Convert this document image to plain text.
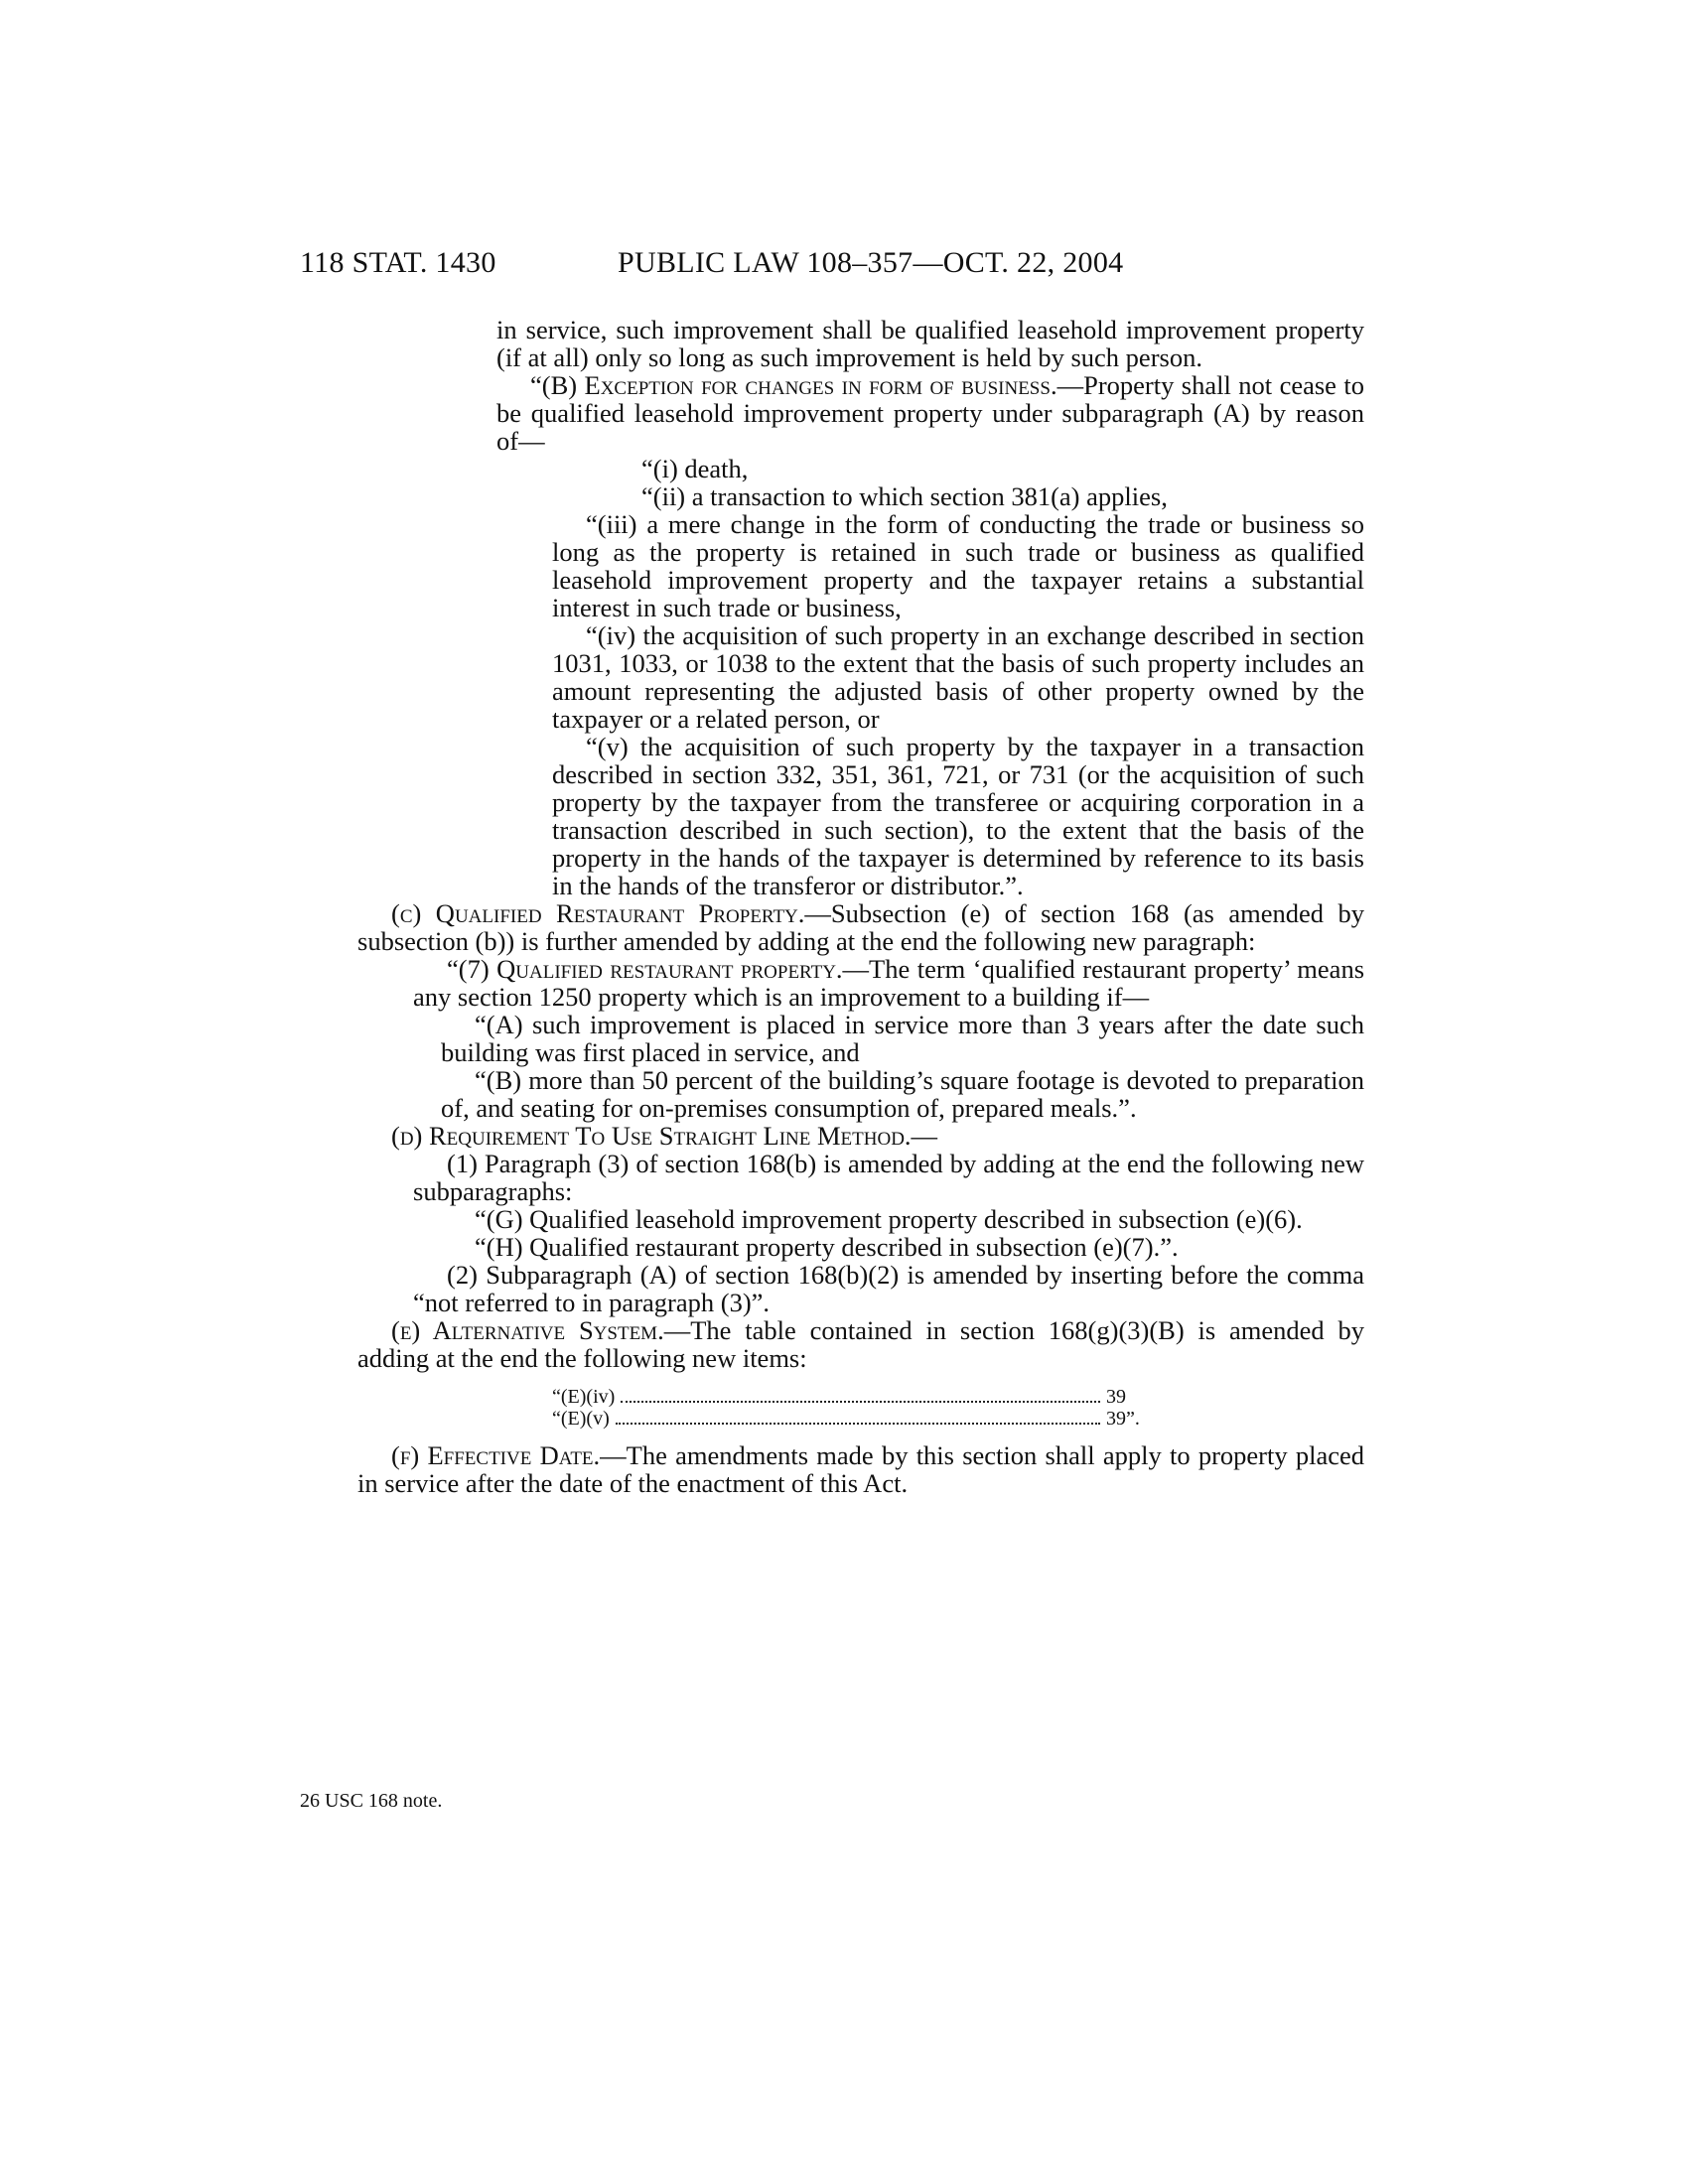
118 STAT. 1430	PUBLIC LAW 108–357—OCT. 22, 2004
26 USC 168 note.

in service, such improvement shall be qualified leasehold improvement property (if at all) only so long as such improvement is held by such person.

“(B) Exception for changes in form of business.—Property shall not cease to be qualified leasehold improvement property under subparagraph (A) by reason of—

“(i) death,

“(ii) a transaction to which section 381(a) applies,

“(iii) a mere change in the form of conducting the trade or business so long as the property is retained in such trade or business as qualified leasehold improvement property and the taxpayer retains a substantial interest in such trade or business,

“(iv) the acquisition of such property in an exchange described in section 1031, 1033, or 1038 to the extent that the basis of such property includes an amount representing the adjusted basis of other property owned by the taxpayer or a related person, or

“(v) the acquisition of such property by the taxpayer in a transaction described in section 332, 351, 361, 721, or 731 (or the acquisition of such property by the taxpayer from the transferee or acquiring corporation in a transaction described in such section), to the extent that the basis of the property in the hands of the taxpayer is determined by reference to its basis in the hands of the transferor or distributor.”.

(c) Qualified Restaurant Property.—Subsection (e) of section 168 (as amended by subsection (b)) is further amended by adding at the end the following new paragraph:

“(7) Qualified restaurant property.—The term ‘qualified restaurant property’ means any section 1250 property which is an improvement to a building if—

“(A) such improvement is placed in service more than 3 years after the date such building was first placed in service, and

“(B) more than 50 percent of the building’s square footage is devoted to preparation of, and seating for on-premises consumption of, prepared meals.”.

(d) Requirement To Use Straight Line Method.—

(1) Paragraph (3) of section 168(b) is amended by adding at the end the following new subparagraphs:

“(G) Qualified leasehold improvement property described in subsection (e)(6).

“(H) Qualified restaurant property described in subsection (e)(7).”.

(2) Subparagraph (A) of section 168(b)(2) is amended by inserting before the comma “not referred to in paragraph (3)”.

(e) Alternative System.—The table contained in section 168(g)(3)(B) is amended by adding at the end the following new items:

“(E)(iv)	39
“(E)(v)	39”.

(f) Effective Date.—The amendments made by this section shall apply to property placed in service after the date of the enactment of this Act.
